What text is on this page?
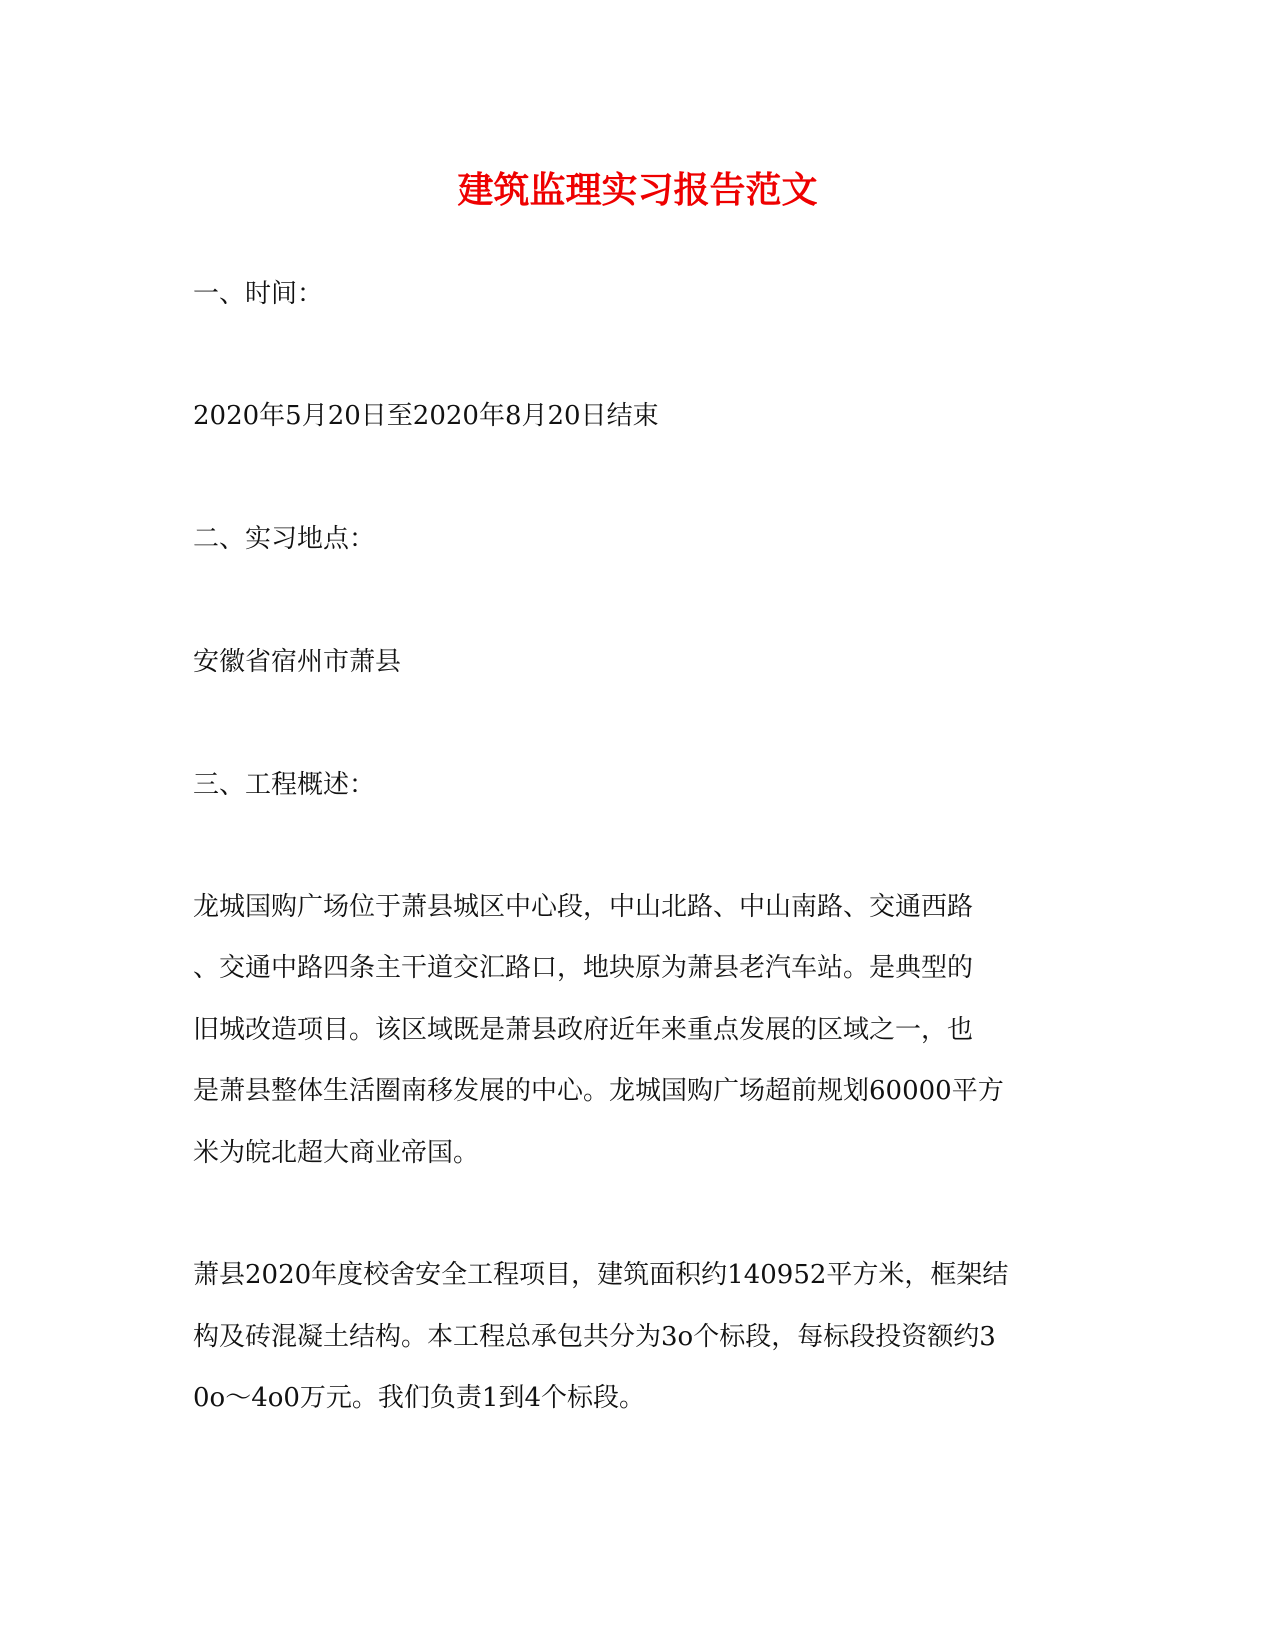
建筑监理实习报告范文
一、时间：
2020年5月20日至2020年8月20日结束
二、实习地点：
安徽省宿州市萧县
三、工程概述：
龙城国购广场位于萧县城区中心段，中山北路、中山南路、交通西路
、交通中路四条主干道交汇路口，地块原为萧县老汽车站。是典型的
旧城改造项目。该区域既是萧县政府近年来重点发展的区域之一，也
是萧县整体生活圈南移发展的中心。龙城国购广场超前规划60000平方
米为皖北超大商业帝国。
萧县2020年度校舍安全工程项目，建筑面积约140952平方米，框架结
构及砖混凝土结构。本工程总承包共分为3o个标段，每标段投资额约3
0o～4o0万元。我们负责1到4个标段。
